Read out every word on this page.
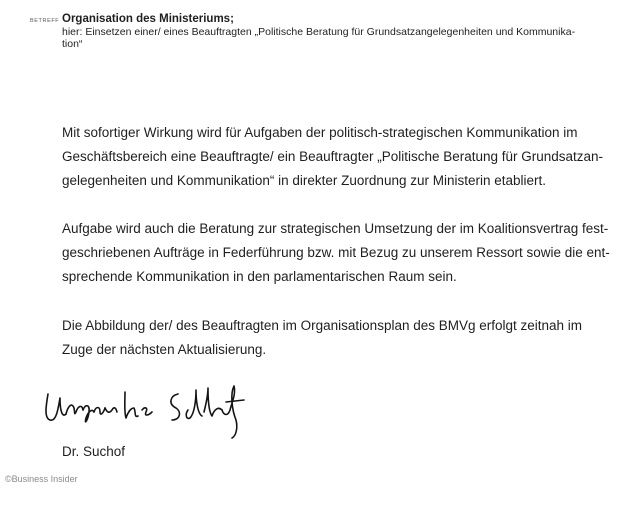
BETREFF Organisation des Ministeriums;
hier: Einsetzen einer/ eines Beauftragten „Politische Beratung für Grundsatzangelegenheiten und Kommunika-
tion“

Mit sofortiger Wirkung wird für Aufgaben der politisch-strategischen Kommunikation im
Geschäftsbereich eine Beauftragte/ ein Beauftragter „Politische Beratung für Grundsatzan-
gelegenheiten und Kommunikation“ in direkter Zuordnung zur Ministerin etabliert.

Aufgabe wird auch die Beratung zur strategischen Umsetzung der im Koalitionsvertrag fest-
geschriebenen Aufträge in Federführung bzw. mit Bezug zu unserem Ressort sowie die ent-
sprechende Kommunikation in den parlamentarischen Raum sein.

Die Abbildung der/ des Beauftragten im Organisationsplan des BMVg erfolgt zeitnah im
Zuge der nächsten Aktualisierung.

Dr. Suchof
©Business Insider
